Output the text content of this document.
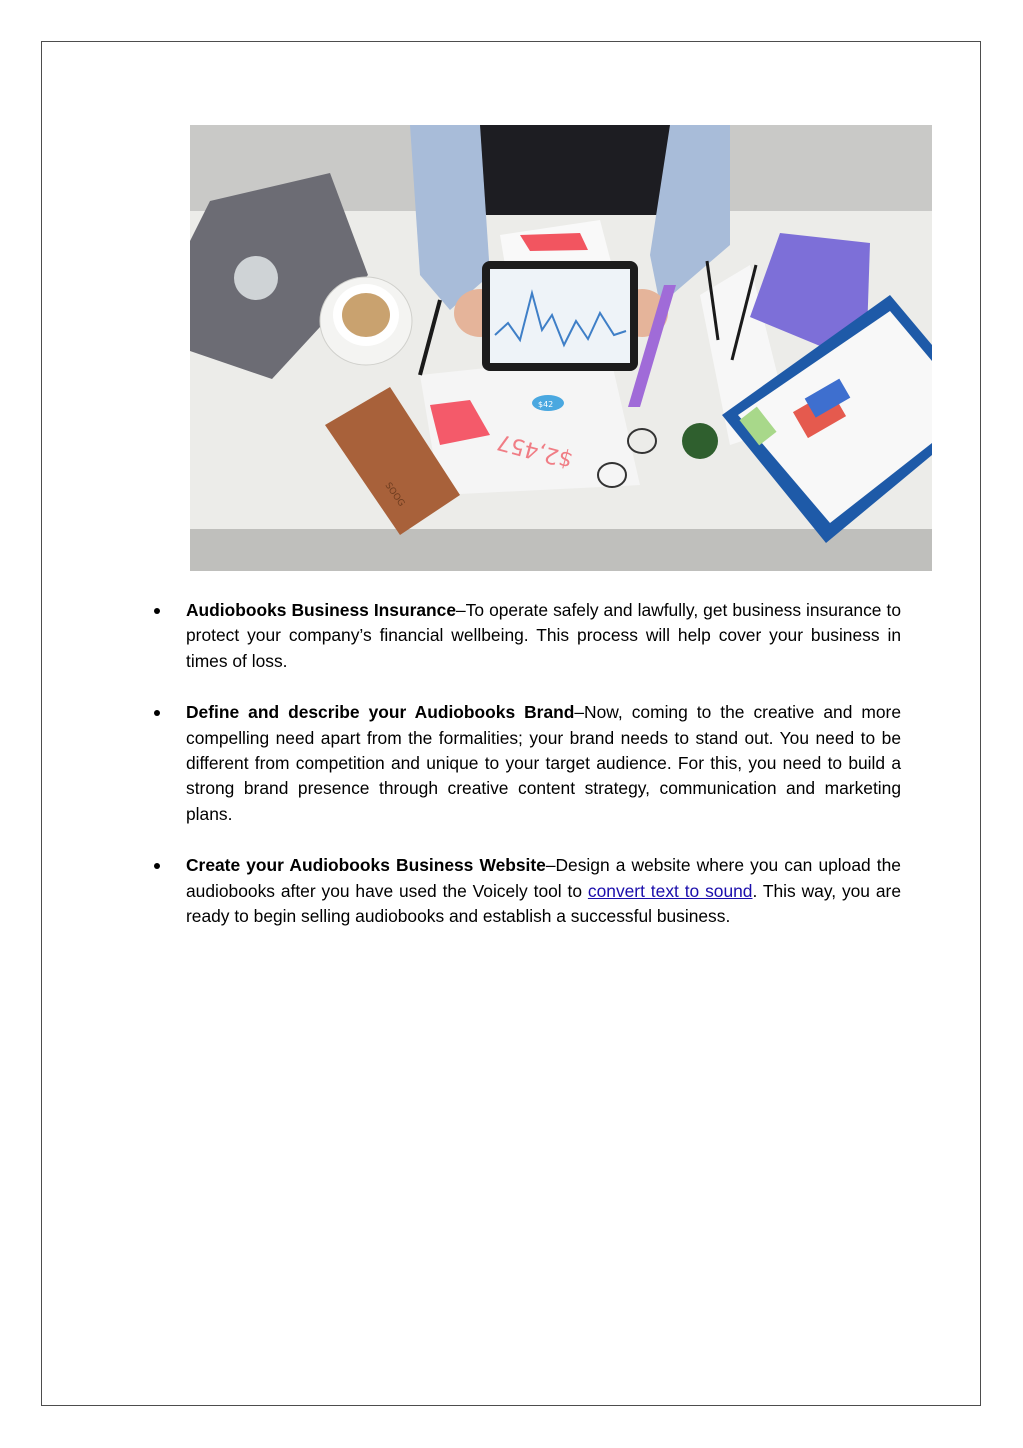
SOOG
$2,457
$42
Audiobooks Business Insurance–To operate safely and lawfully, get business insurance to protect your company’s financial wellbeing. This process will help cover your business in times of loss.
Define and describe your Audiobooks Brand–Now, coming to the creative and more compelling need apart from the formalities; your brand needs to stand out. You need to be different from competition and unique to your target audience. For this, you need to build a strong brand presence through creative content strategy, communication and marketing plans.
Create your Audiobooks Business Website–Design a website where you can upload the audiobooks after you have used the Voicely tool to convert text to sound. This way, you are ready to begin selling audiobooks and establish a successful business.
